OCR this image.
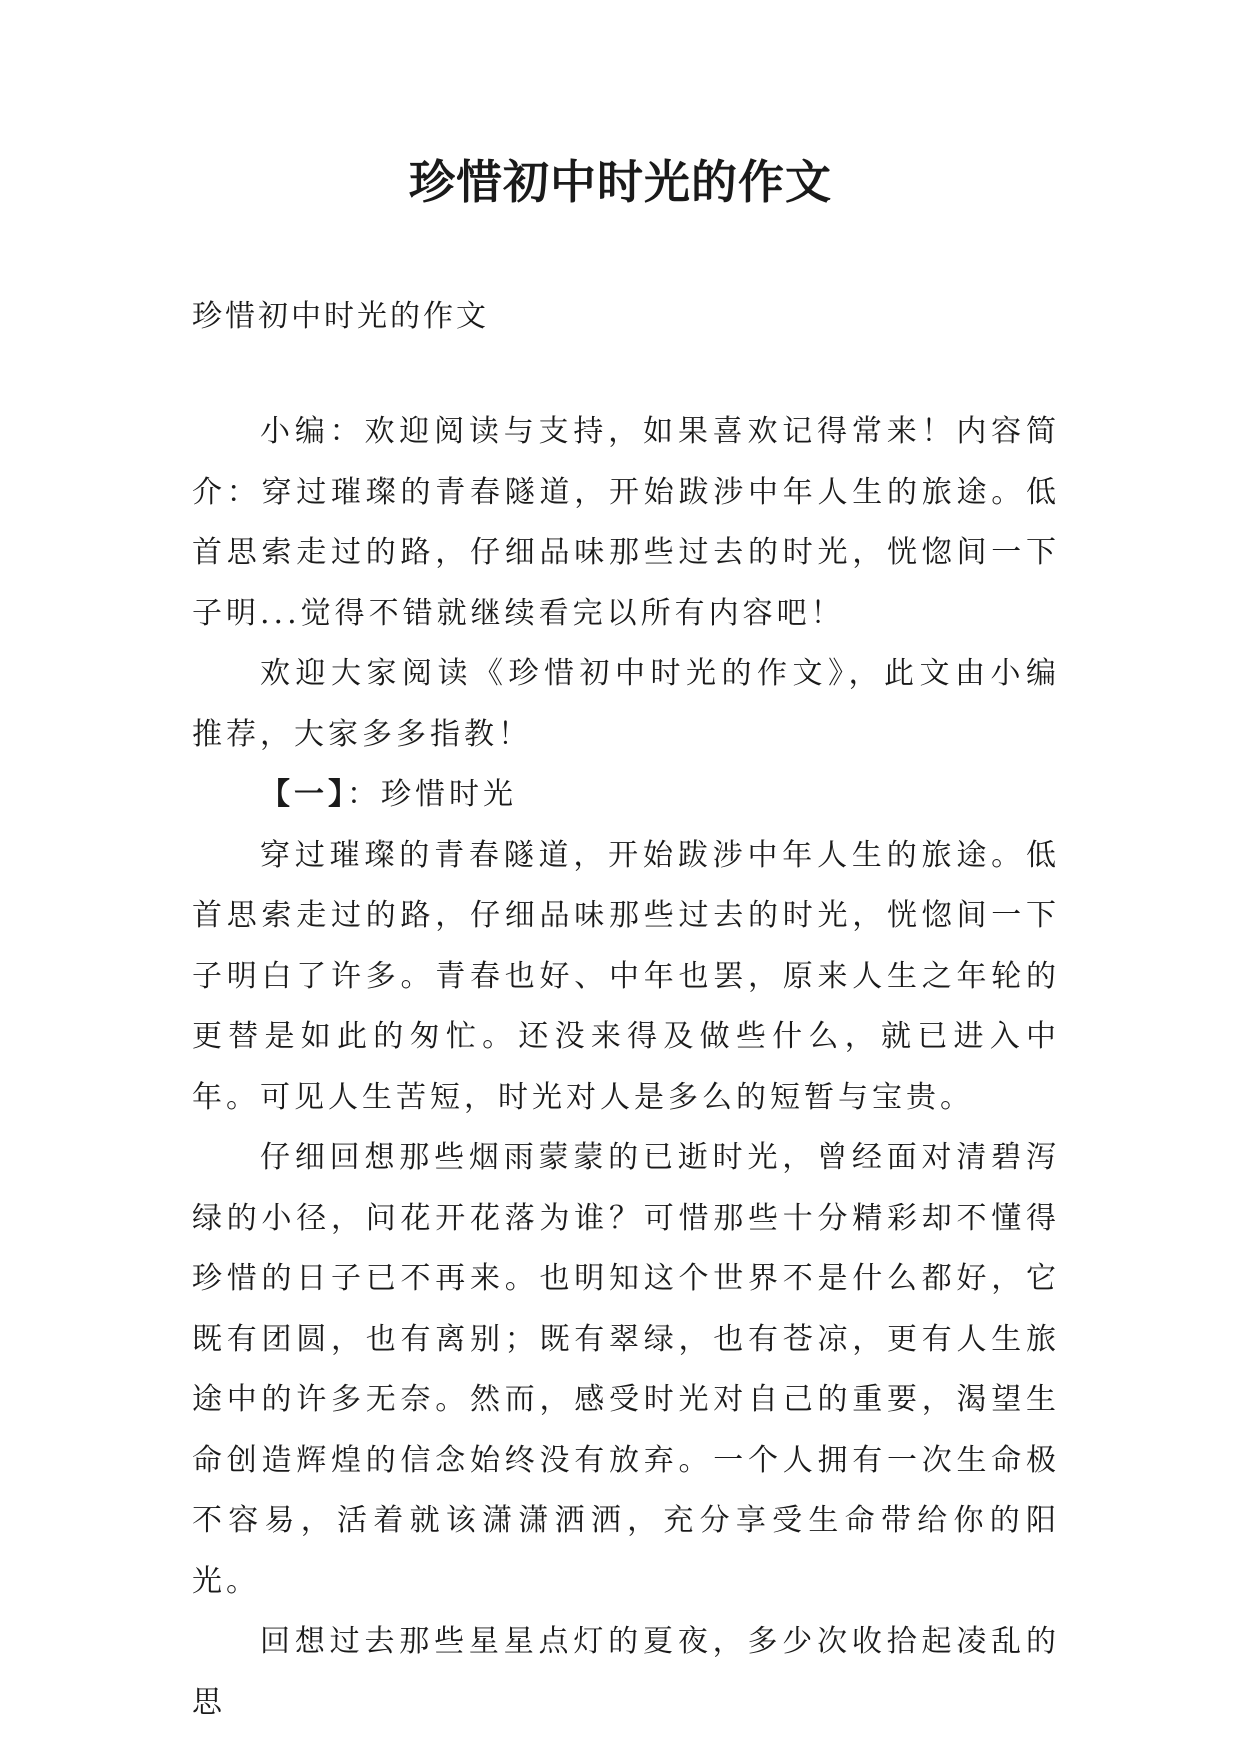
珍惜初中时光的作文

珍惜初中时光的作文

小编：欢迎阅读与支持，如果喜欢记得常来！内容简介：穿过璀璨的青春隧道，开始跋涉中年人生的旅途。低首思索走过的路，仔细品味那些过去的时光，恍惚间一下子明...觉得不错就继续看完以所有内容吧！

欢迎大家阅读《珍惜初中时光的作文》，此文由小编推荐，大家多多指教！

【一】：珍惜时光

穿过璀璨的青春隧道，开始跋涉中年人生的旅途。低首思索走过的路，仔细品味那些过去的时光，恍惚间一下子明白了许多。青春也好、中年也罢，原来人生之年轮的更替是如此的匆忙。还没来得及做些什么，就已进入中年。可见人生苦短，时光对人是多么的短暂与宝贵。

仔细回想那些烟雨蒙蒙的已逝时光，曾经面对清碧泻绿的小径，问花开花落为谁？可惜那些十分精彩却不懂得珍惜的日子已不再来。也明知这个世界不是什么都好，它既有团圆，也有离别；既有翠绿，也有苍凉，更有人生旅途中的许多无奈。然而，感受时光对自己的重要，渴望生命创造辉煌的信念始终没有放弃。一个人拥有一次生命极不容易，活着就该潇潇洒洒，充分享受生命带给你的阳光。

回想过去那些星星点灯的夏夜，多少次收拾起凌乱的思
